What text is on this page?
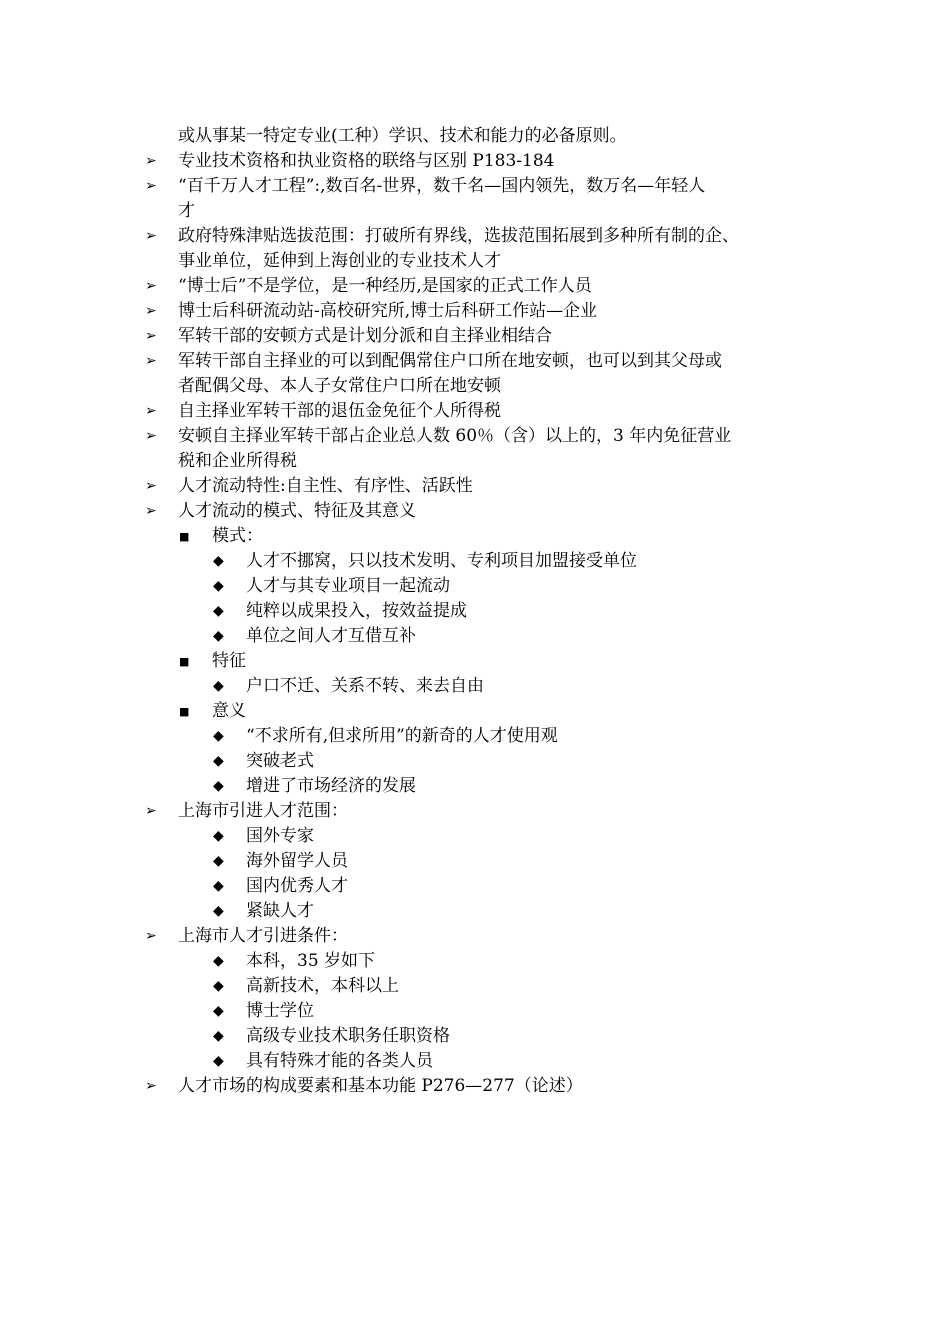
或从事某一特定专业(工种）学识、技术和能力的必备原则。
➢ 专业技术资格和执业资格的联络与区别 P183-184
➢ “百千万人才工程”:,数百名-世界，数千名—国内领先，数万名—年轻人
才
➢ 政府特殊津贴选拔范围：打破所有界线，选拔范围拓展到多种所有制的企、
事业单位，延伸到上海创业的专业技术人才
➢ “博士后”不是学位，是一种经历,是国家的正式工作人员
➢ 博士后科研流动站-高校研究所,博士后科研工作站—企业
➢ 军转干部的安顿方式是计划分派和自主择业相结合
➢ 军转干部自主择业的可以到配偶常住户口所在地安顿，也可以到其父母或
者配偶父母、本人子女常住户口所在地安顿
➢ 自主择业军转干部的退伍金免征个人所得税
➢ 安顿自主择业军转干部占企业总人数 60％（含）以上的，3 年内免征营业
税和企业所得税
➢ 人才流动特性:自主性、有序性、活跃性
➢ 人才流动的模式、特征及其意义
■ 模式：
◆ 人才不挪窝，只以技术发明、专利项目加盟接受单位
◆ 人才与其专业项目一起流动
◆ 纯粹以成果投入，按效益提成
◆ 单位之间人才互借互补
■ 特征
◆ 户口不迁、关系不转、来去自由
■ 意义
◆ “不求所有,但求所用”的新奇的人才使用观
◆ 突破老式
◆ 增进了市场经济的发展
➢ 上海市引进人才范围：
◆ 国外专家
◆ 海外留学人员
◆ 国内优秀人才
◆ 紧缺人才
➢ 上海市人才引进条件：
◆ 本科，35 岁如下
◆ 高新技术，本科以上
◆ 博士学位
◆ 高级专业技术职务任职资格
◆ 具有特殊才能的各类人员
➢ 人才市场的构成要素和基本功能 P276—277（论述）
